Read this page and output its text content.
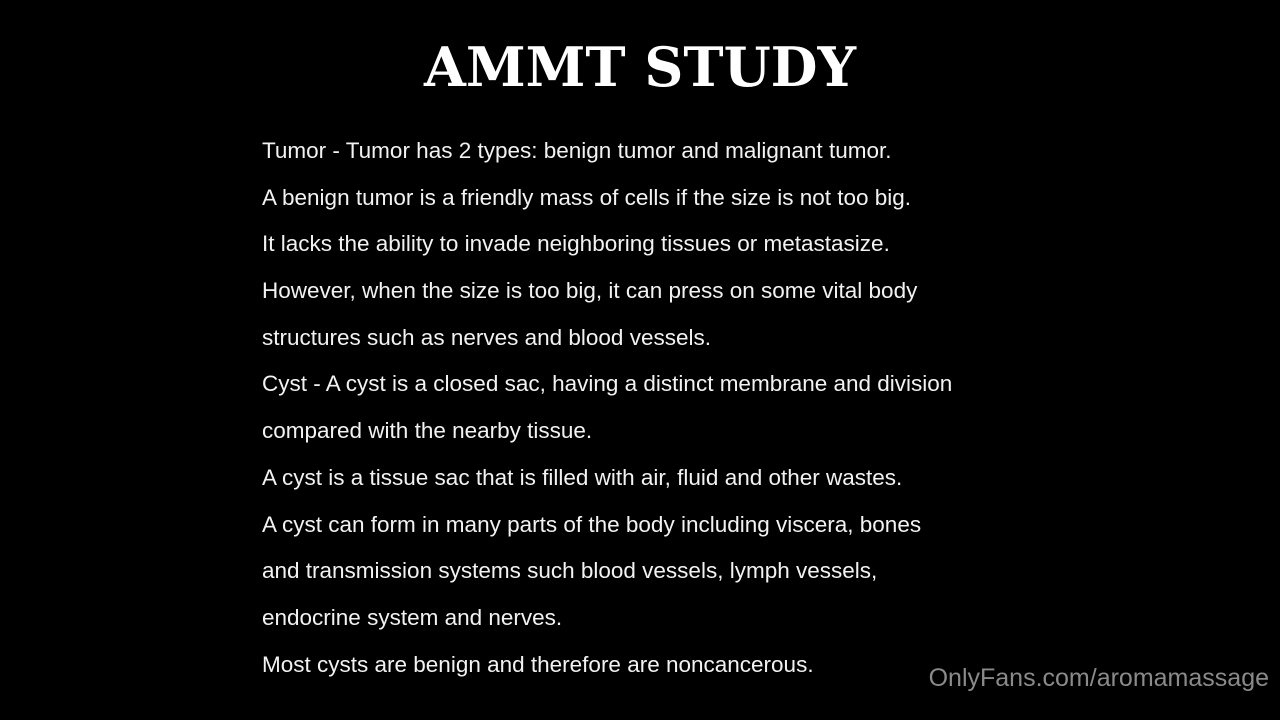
AMMT STUDY
Tumor - Tumor has 2 types: benign tumor and malignant tumor.
A benign tumor is a friendly mass of cells if the size is not too big.
It lacks the ability to invade neighboring tissues or metastasize.
However, when the size is too big, it can press on some vital body
structures such as nerves and blood vessels.
Cyst - A cyst is a closed sac, having a distinct membrane and division
compared with the nearby tissue.
A cyst is a tissue sac that is filled with air, fluid and other wastes.
A cyst can form in many parts of the body including viscera, bones
and transmission systems such blood vessels, lymph vessels,
endocrine system and nerves.
Most cysts are benign and therefore are noncancerous.	OnlyFans.com/aromamassage
